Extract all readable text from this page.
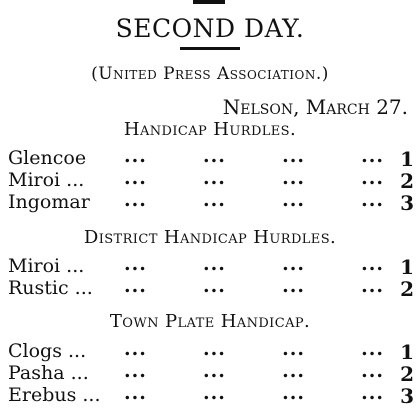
SECOND DAY.
(United Press Association.)
Nelson, March 27.
Handicap Hurdles.
Glencoe ...	...	...	... 1
Miroi ... ...	...	...	... 2
Ingomar ...	...	...	... 3
District Handicap Hurdles.
Miroi ... ...	...	...	... 1
Rustic ... ...	...	...	... 2
Town Plate Handicap.
Clogs ... ...	...	...	... 1
Pasha ... ...	...	...	... 2
Erebus ... ...	...	...	... 3
